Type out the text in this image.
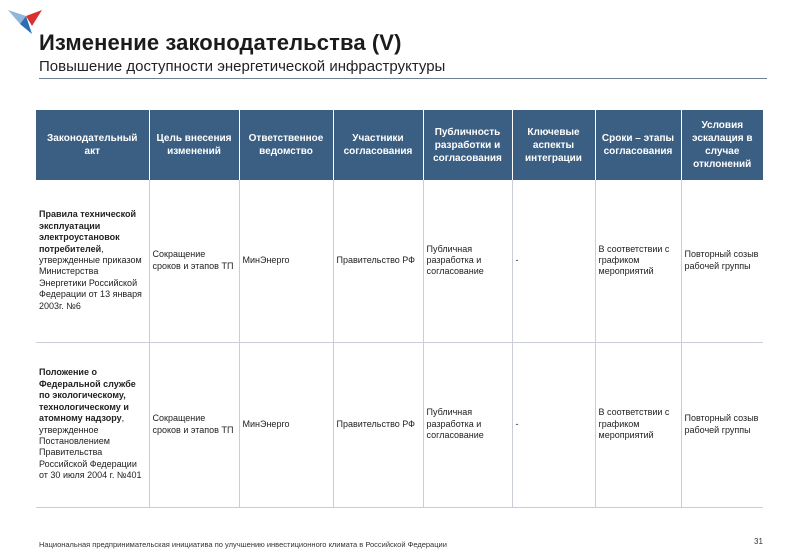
Изменение законодательства (V)
Повышение доступности энергетической инфраструктуры
Законодательный акт	Цель внесения изменений	Ответственное ведомство	Участники согласования	Публичность разработки и согласования	Ключевые аспекты интеграции	Сроки – этапы согласования	Условия эскалация в случае отклонений
Правила технической эксплуатации электроустановок потребителей, утвержденные приказом Министерства Энергетики Российской Федерации от 13 января 2003г. №6	Сокращение сроков и этапов ТП	МинЭнерго	Правительство РФ	Публичная разработка и согласование	-	В соответствии с графиком мероприятий	Повторный созыв рабочей группы
Положение о Федеральной службе по экологическому, технологическому и атомному надзору, утвержденное Постановлением Правительства Российской Федерации от 30 июля 2004 г. №401	Сокращение сроков и этапов ТП	МинЭнерго	Правительство РФ	Публичная разработка и согласование	-	В соответствии с графиком мероприятий	Повторный созыв рабочей группы
31
Национальная предпринимательская инициатива по улучшению инвестиционного климата в Российской Федерации
